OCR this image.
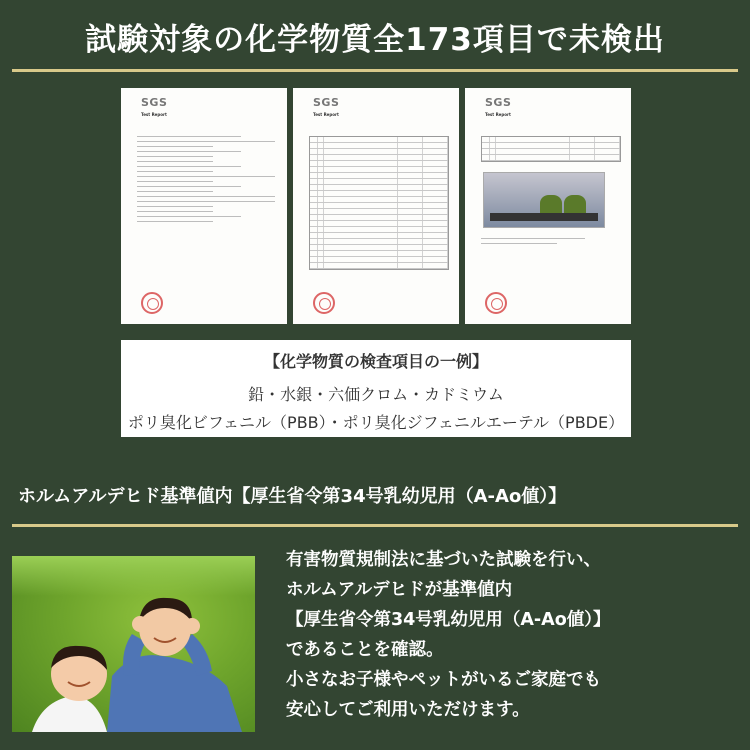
試験対象の化学物質全173項目で未検出
SGS
Test Report
SGS
Test Report
SGS
Test Report
【化学物質の検査項目の一例】
鉛・水銀・六価クロム・カドミウム
ポリ臭化ビフェニル（PBB）・ポリ臭化ジフェニルエーテル（PBDE）
ホルムアルデヒド基準値内【厚生省令第34号乳幼児用（A-Ao値）】
有害物質規制法に基づいた試験を行い、
ホルムアルデヒドが基準値内
【厚生省令第34号乳幼児用（A-Ao値）】
であることを確認。
小さなお子様やペットがいるご家庭でも
安心してご利用いただけます。
